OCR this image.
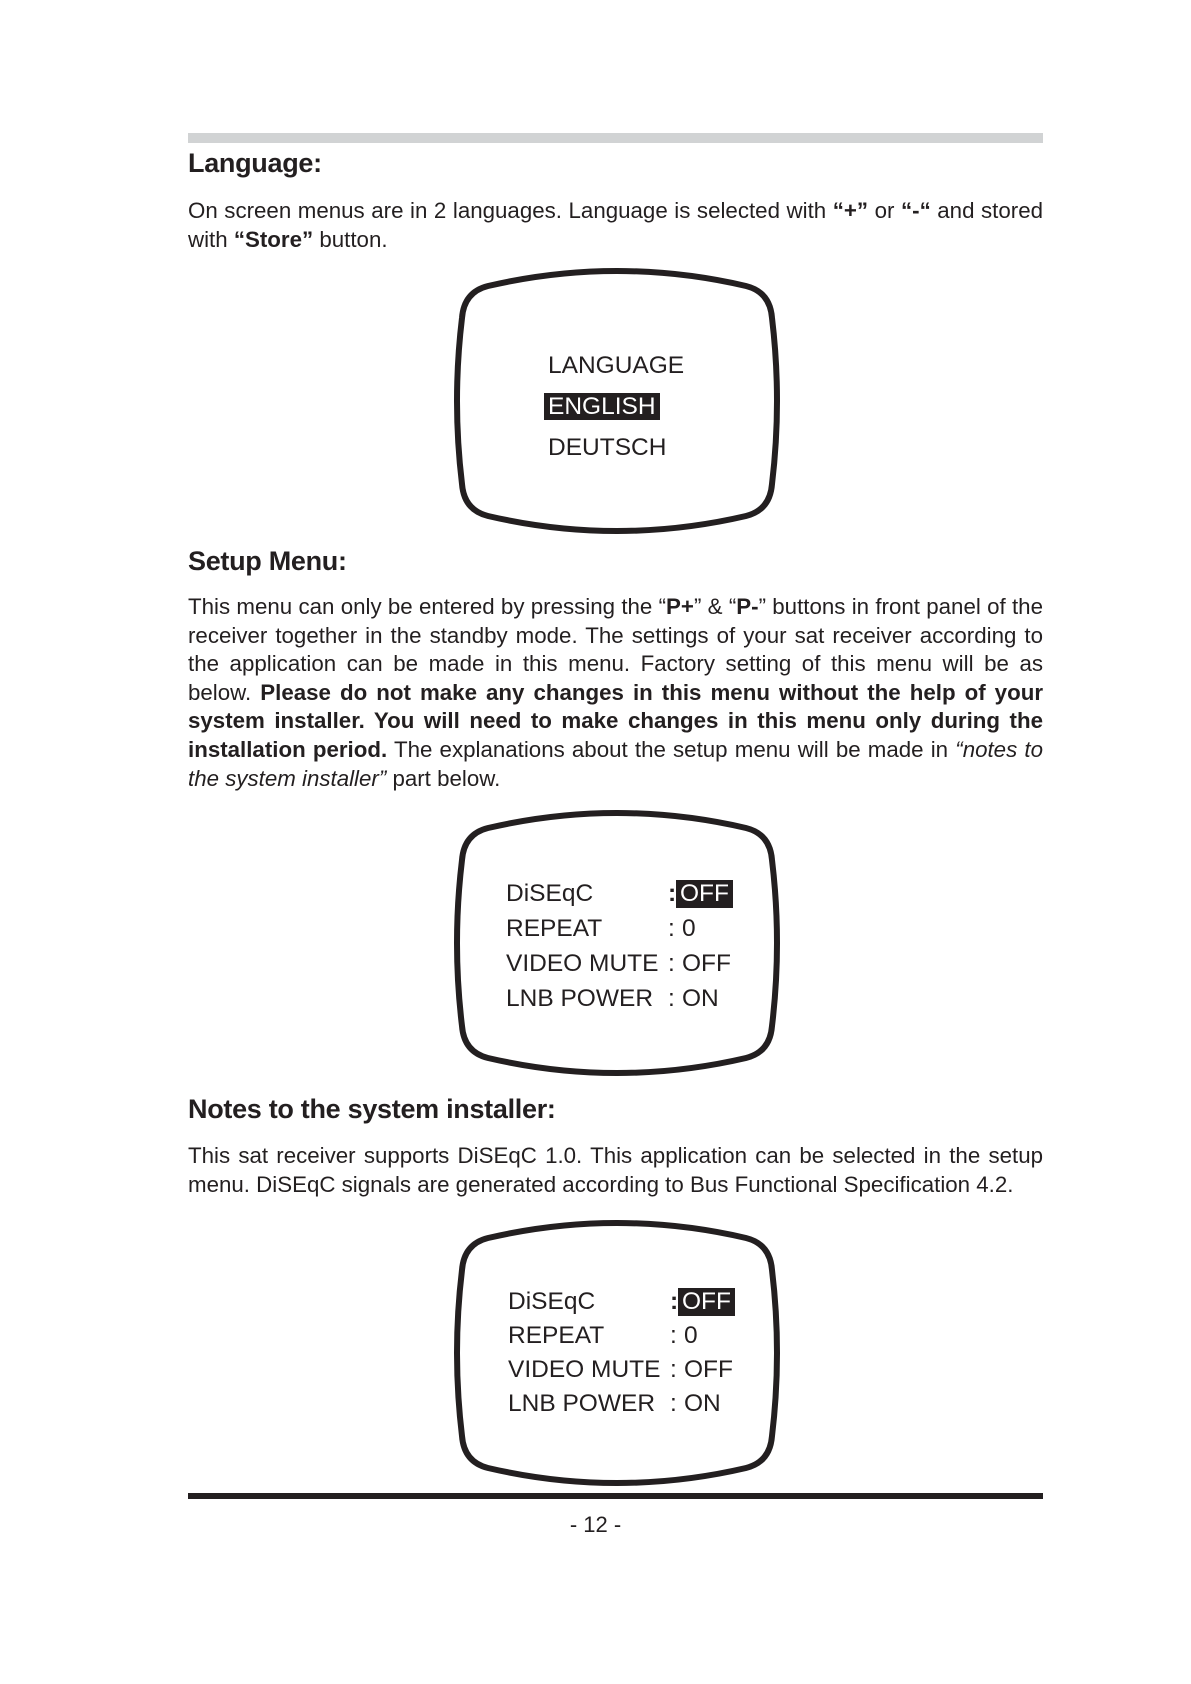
Language:

On screen menus are in 2 languages. Language is selected with “+” or “-“ and stored with “Store” button.

LANGUAGE
ENGLISH
DEUTSCH
Setup Menu:

This menu can only be entered by pressing the “P+” & “P-” buttons in front panel of the receiver together in the standby mode. The settings of your sat receiver according to the application can be made in this menu. Factory setting of this menu will be as below. Please do not make any changes in this menu without the help of your system installer. You will need to make changes in this menu only during the installation period. The explanations about the setup menu will be made in “notes to the system installer” part below.

DiSEqC	: OFF
REPEAT	: 0
VIDEO MUTE : OFF
LNB POWER : ON
Notes to the system installer:

This sat receiver supports DiSEqC 1.0. This application can be selected in the setup menu. DiSEqC signals are generated according to Bus Functional Specification 4.2.

DiSEqC	: OFF
REPEAT	: 0
VIDEO MUTE : OFF
LNB POWER : ON
- 12 -
